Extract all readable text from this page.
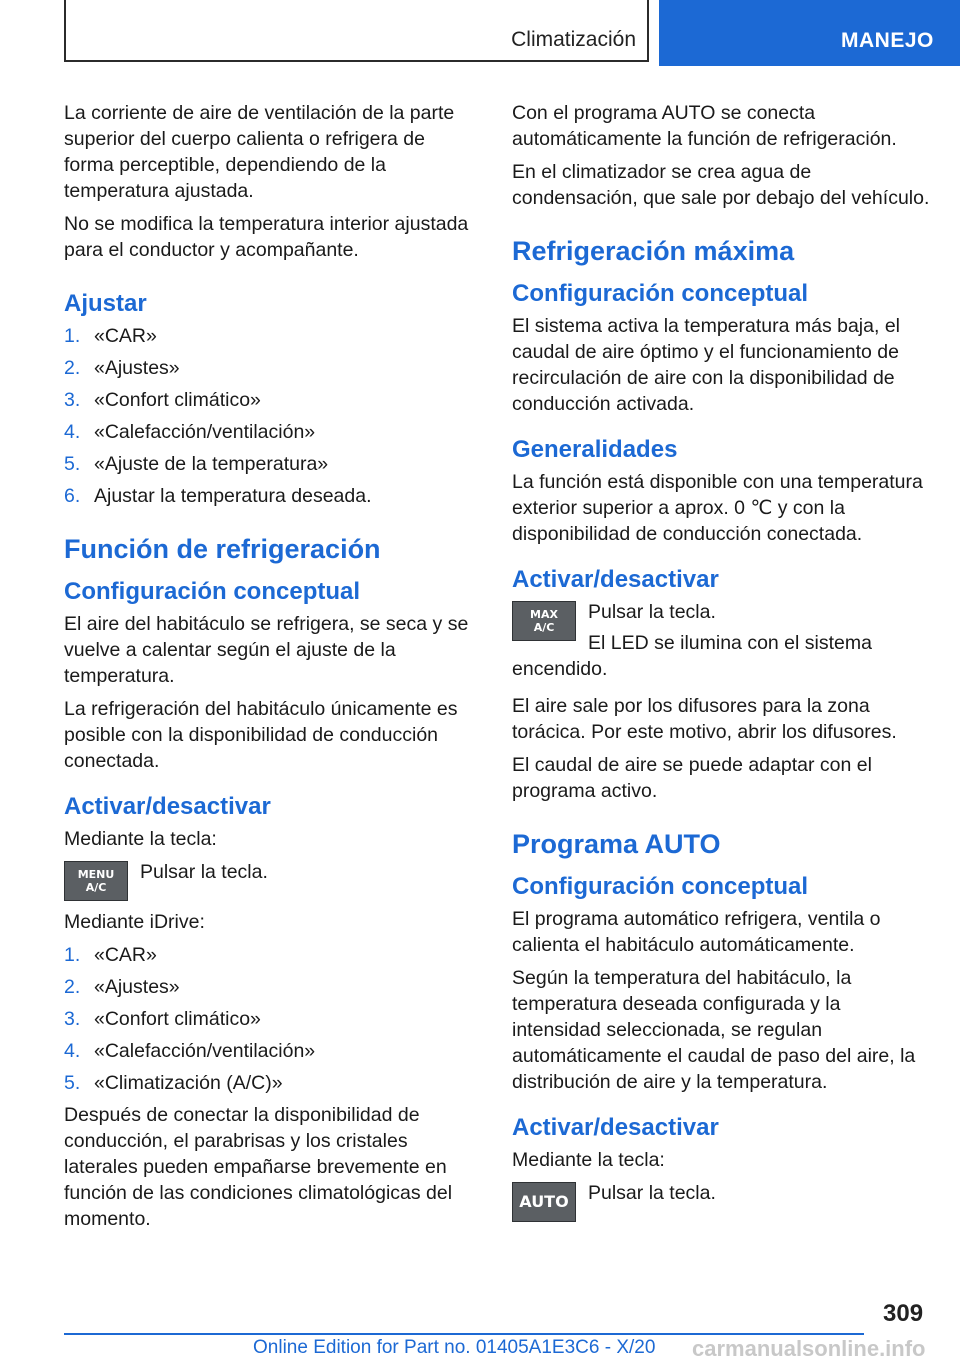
Climatización	MANEJO

La corriente de aire de ventilación de la parte superior del cuerpo calienta o refrigera de forma perceptible, dependiendo de la temperatura ajustada.

No se modifica la temperatura interior ajustada para el conductor y acompañante.

Ajustar
1. «CAR»
2. «Ajustes»
3. «Confort climático»
4. «Calefacción/ventilación»
5. «Ajuste de la temperatura»
6. Ajustar la temperatura deseada.
Función de refrigeración
Configuración conceptual

El aire del habitáculo se refrigera, se seca y se vuelve a calentar según el ajuste de la temperatura.

La refrigeración del habitáculo únicamente es posible con la disponibilidad de conducción conectada.

Activar/desactivar

Mediante la tecla:

MENU
A/C

Pulsar la tecla.

Mediante iDrive:

1. «CAR»
2. «Ajustes»
3. «Confort climático»
4. «Calefacción/ventilación»
5. «Climatización (A/C)»

Después de conectar la disponibilidad de conducción, el parabrisas y los cristales laterales pueden empañarse brevemente en función de las condiciones climatológicas del momento.

Con el programa AUTO se conecta automáticamente la función de refrigeración.

En el climatizador se crea agua de condensación, que sale por debajo del vehículo.

Refrigeración máxima
Configuración conceptual

El sistema activa la temperatura más baja, el caudal de aire óptimo y el funcionamiento de recirculación de aire con la disponibilidad de conducción activada.

Generalidades

La función está disponible con una temperatura exterior superior a aprox. 0 ℃ y con la disponibilidad de conducción conectada.

Activar/desactivar
MAX
A/C

Pulsar la tecla.

El LED se ilumina con el sistema encendido.

El aire sale por los difusores para la zona torácica. Por este motivo, abrir los difusores.

El caudal de aire se puede adaptar con el programa activo.

Programa AUTO
Configuración conceptual

El programa automático refrigera, ventila o calienta el habitáculo automáticamente.

Según la temperatura del habitáculo, la temperatura deseada configurada y la intensidad seleccionada, se regulan automáticamente el caudal de paso del aire, la distribución de aire y la temperatura.

Activar/desactivar

Mediante la tecla:

AUTO Pulsar la tecla.

309
Online Edition for Part no. 01405A1E3C6 - X/20 carmanualsonline.info
